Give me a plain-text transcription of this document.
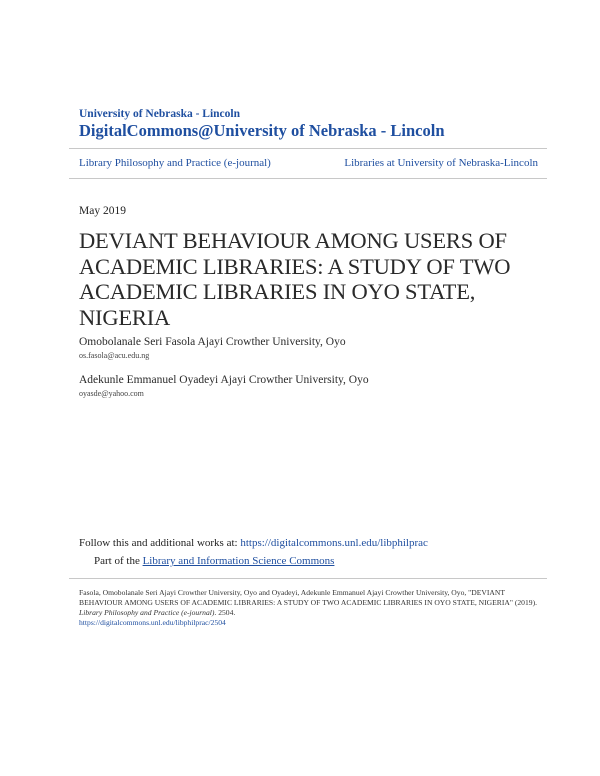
University of Nebraska - Lincoln
DigitalCommons@University of Nebraska - Lincoln
Library Philosophy and Practice (e-journal)	Libraries at University of Nebraska-Lincoln
May 2019
DEVIANT BEHAVIOUR AMONG USERS OF ACADEMIC LIBRARIES: A STUDY OF TWO ACADEMIC LIBRARIES IN OYO STATE, NIGERIA
Omobolanale Seri Fasola Ajayi Crowther University, Oyo
os.fasola@acu.edu.ng
Adekunle Emmanuel Oyadeyi Ajayi Crowther University, Oyo
oyasde@yahoo.com
Follow this and additional works at: https://digitalcommons.unl.edu/libphilprac
Part of the Library and Information Science Commons
Fasola, Omobolanale Seri Ajayi Crowther University, Oyo and Oyadeyi, Adekunle Emmanuel Ajayi Crowther University, Oyo, "DEVIANT BEHAVIOUR AMONG USERS OF ACADEMIC LIBRARIES: A STUDY OF TWO ACADEMIC LIBRARIES IN OYO STATE, NIGERIA" (2019). Library Philosophy and Practice (e-journal). 2504.
https://digitalcommons.unl.edu/libphilprac/2504
